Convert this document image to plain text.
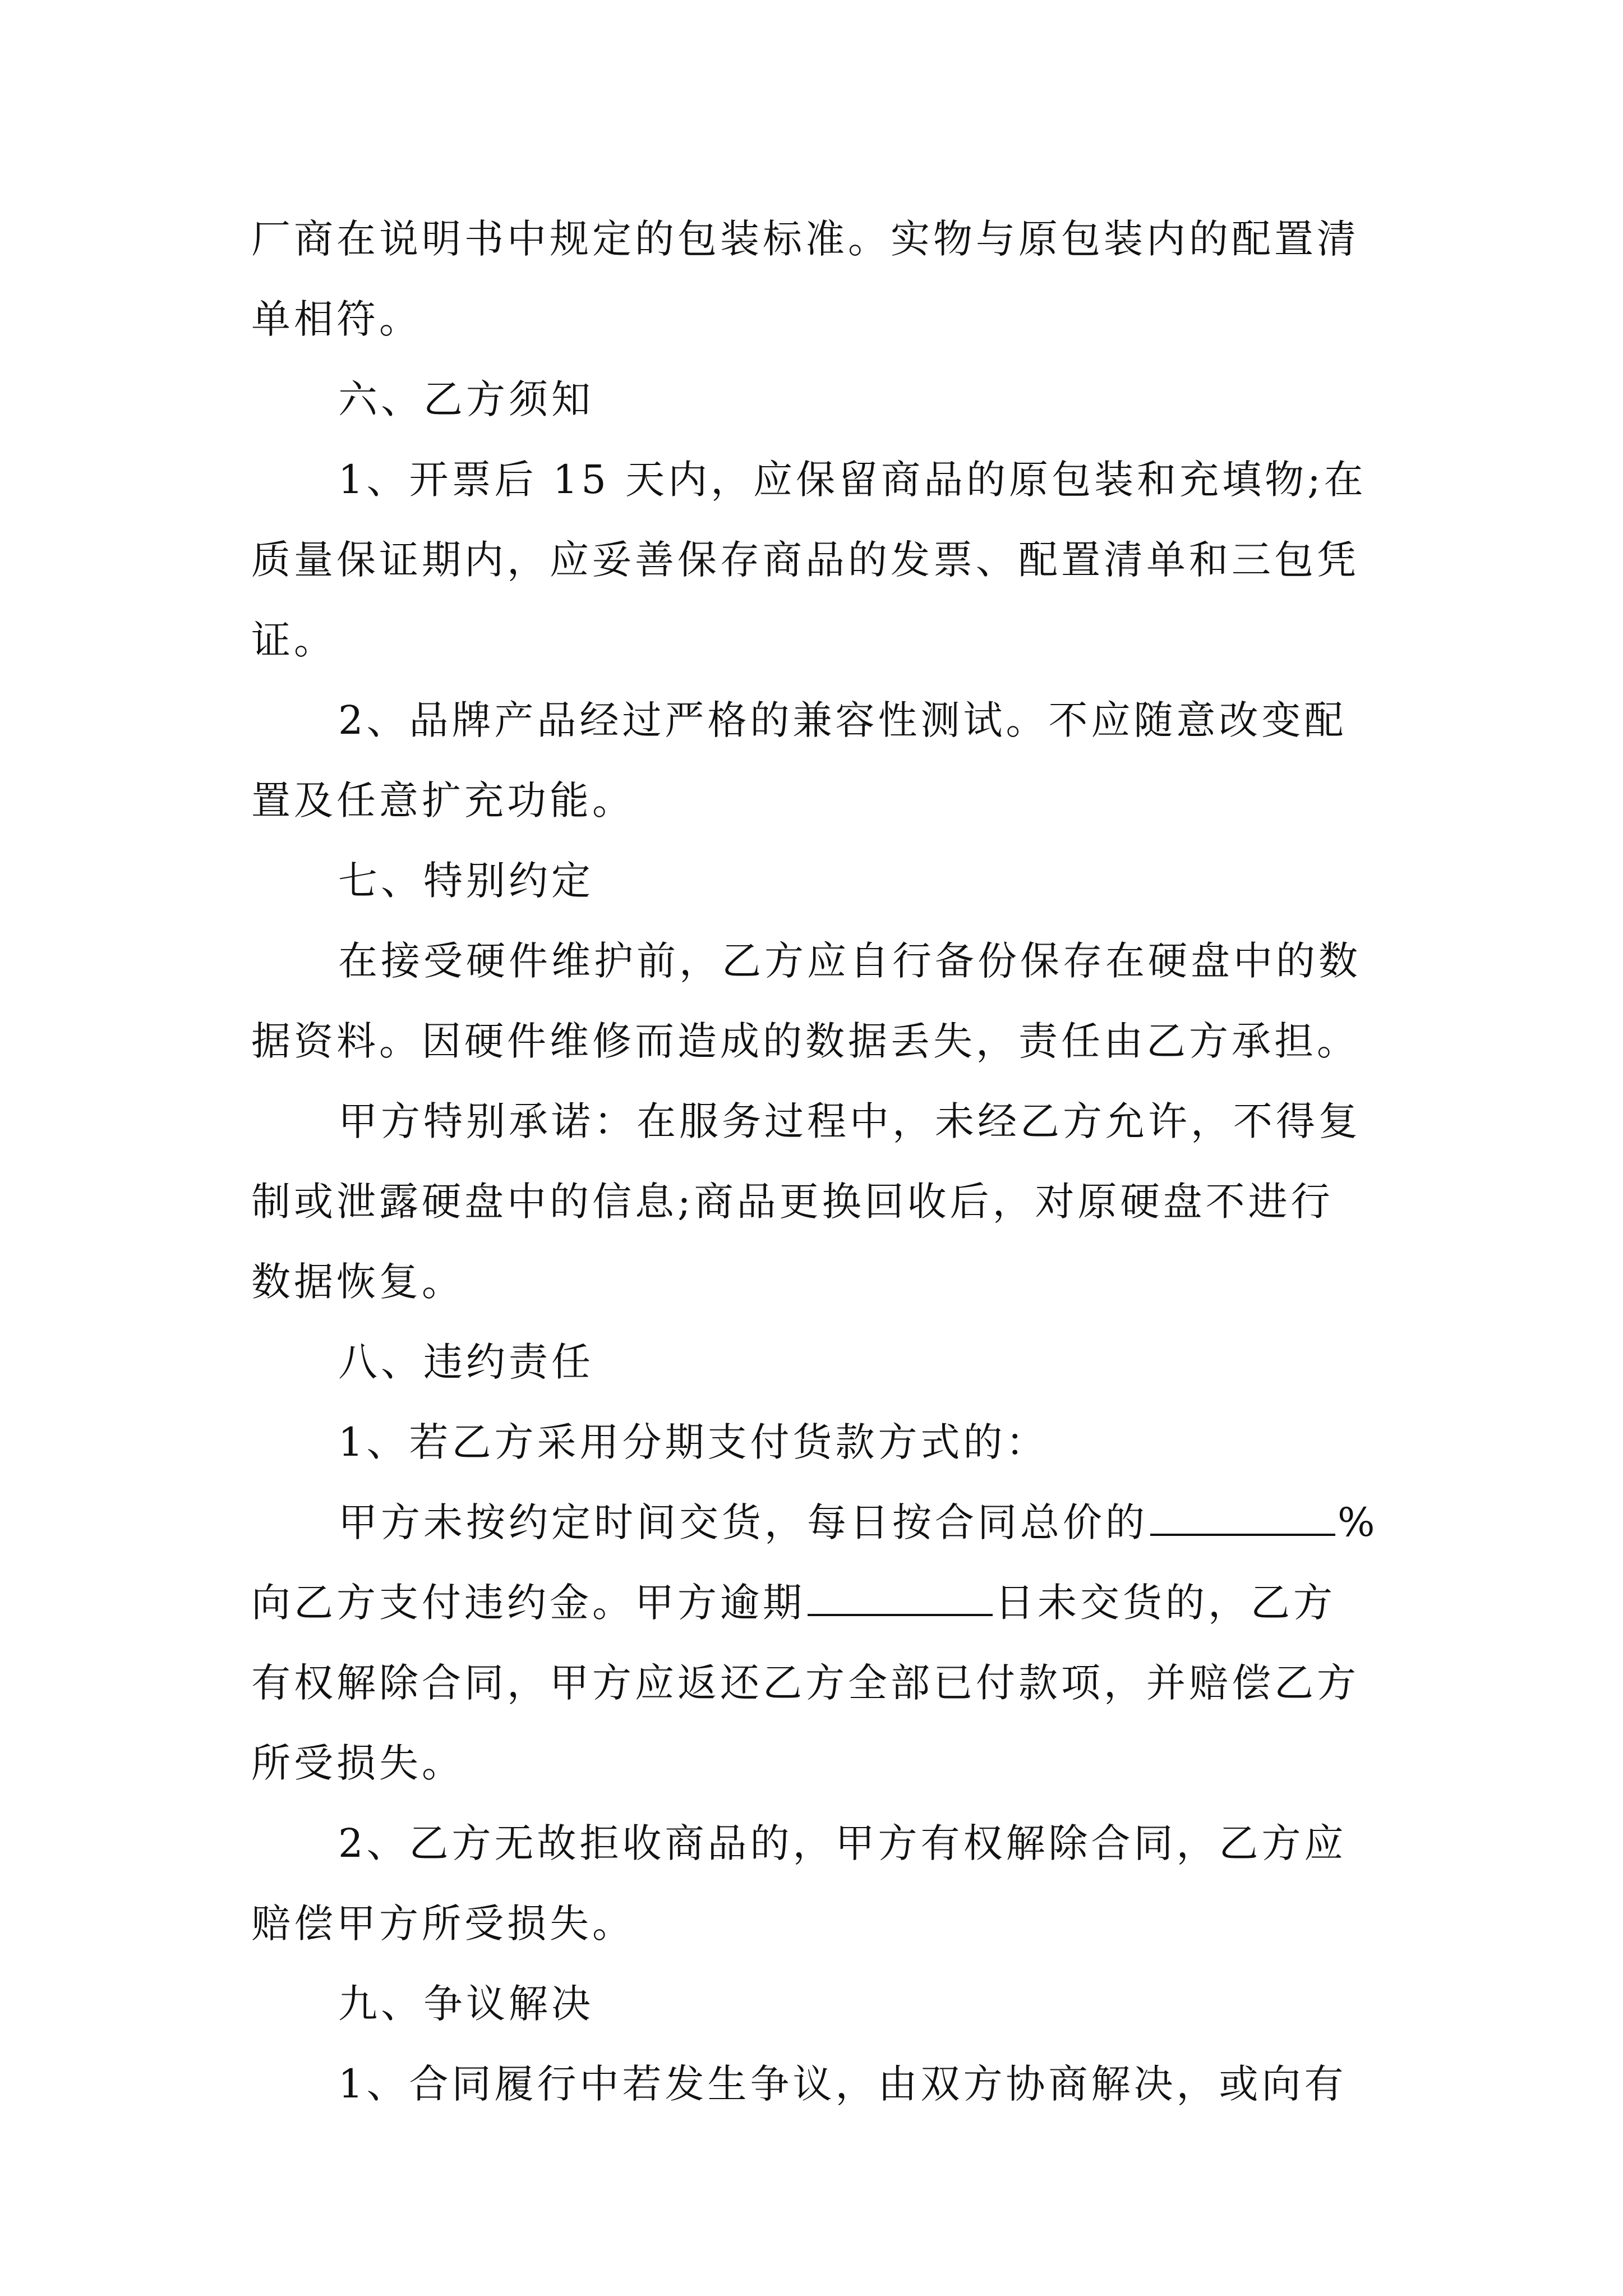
厂商在说明书中规定的包装标准。实物与原包装内的配置清
单相符。
六、乙方须知
1、开票后 15 天内，应保留商品的原包装和充填物;在
质量保证期内，应妥善保存商品的发票、配置清单和三包凭
证。
2、品牌产品经过严格的兼容性测试。不应随意改变配
置及任意扩充功能。
七、特别约定
在接受硬件维护前，乙方应自行备份保存在硬盘中的数
据资料。因硬件维修而造成的数据丢失，责任由乙方承担。
甲方特别承诺：在服务过程中，未经乙方允许，不得复
制或泄露硬盘中的信息;商品更换回收后，对原硬盘不进行
数据恢复。
八、违约责任
1、若乙方采用分期支付货款方式的：
甲方未按约定时间交货，每日按合同总价的	%
向乙方支付违约金。甲方逾期	日未交货的，乙方
有权解除合同，甲方应返还乙方全部已付款项，并赔偿乙方
所受损失。
2、乙方无故拒收商品的，甲方有权解除合同，乙方应
赔偿甲方所受损失。
九、争议解决
1、合同履行中若发生争议，由双方协商解决，或向有
